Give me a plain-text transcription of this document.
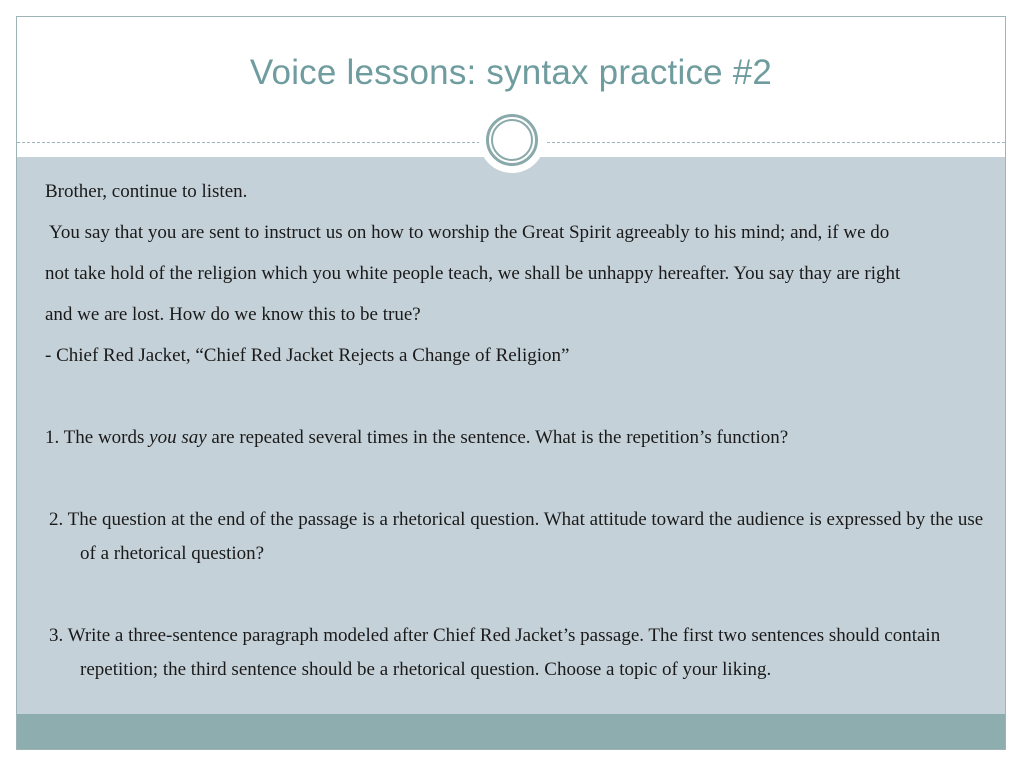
Voice lessons: syntax practice #2

Brother, continue to listen.

You say that you are sent to instruct us on how to worship the Great Spirit agreeably to his mind; and, if we do

not take hold of the religion which you white people teach, we shall be unhappy hereafter. You say thay are right

and we are lost. How do we know this to be true?

- Chief Red Jacket, “Chief Red Jacket Rejects a Change of Religion”

1. The words you say are repeated several times in the sentence. What is the repetition’s function?

2. The question at the end of the passage is a rhetorical question. What attitude toward the audience is expressed by the use of a rhetorical question?

3. Write a three-sentence paragraph modeled after Chief Red Jacket’s passage. The first two sentences should contain repetition; the third sentence should be a rhetorical question. Choose a topic of your liking.
